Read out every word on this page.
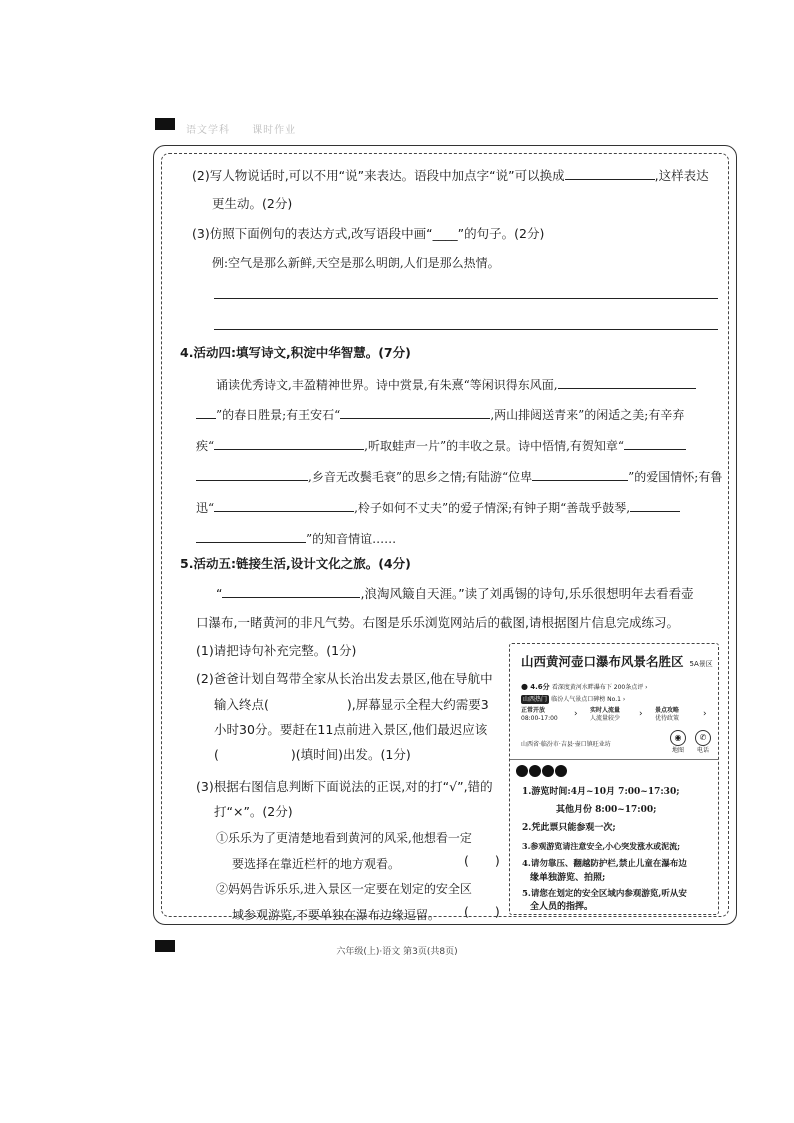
语文学科 课时作业
(2)写人物说话时,可以不用“说”来表达。语段中加点字“说”可以换成	,这样表达
更生动。(2分)
(3)仿照下面例句的表达方式,改写语段中画“____”的句子。(2分)
例:空气是那么新鲜,天空是那么明朗,人们是那么热情。
4.活动四:填写诗文,积淀中华智慧。(7分)
诵读优秀诗文,丰盈精神世界。诗中赏景,有朱熹“等闲识得东风面,
”的春日胜景;有王安石“	,两山排闼送青来”的闲适之美;有辛弃
疾“	,听取蛙声一片”的丰收之景。诗中悟情,有贺知章“
,乡音无改鬓毛衰”的思乡之情;有陆游“位卑	”的爱国情怀;有鲁
迅“	,柃子如何不丈夫”的爱子情深;有钟子期“善哉乎鼓琴,
”的知音情谊……
5.活动五:链接生活,设计文化之旅。(4分)
“	,浪淘风簸自天涯。”读了刘禹锡的诗句,乐乐很想明年去看看壶
口瀑布,一睹黄河的非凡气势。右图是乐乐浏览网站后的截图,请根据图片信息完成练习。
(1)请把诗句补充完整。(1分)
(2)爸爸计划自驾带全家从长治出发去景区,他在导航中
输入终点(	),屏幕显示全程大约需要3
小时30分。要赶在11点前进入景区,他们最迟应该
(	)(填时间)出发。(1分)
(3)根据右图信息判断下面说法的正误,对的打“√”,错的
打“×”。(2分)
①乐乐为了更清楚地看到黄河的风采,他想看一定
要选择在靠近栏杆的地方观看。	( )
②妈妈告诉乐乐,进入景区一定要在划定的安全区
域参观游览,不要单独在瀑布边缘逗留。 ( )
山西黄河壶口瀑布风景名胜区 5A景区
● 4.6分 看深度黄河水畔瀑布下 200条点评 ›
山西热门 临汾人气景点口碑榜 No.1 ›
正常开放
08:00-17:00 › 实时人流量
人流量较少 › 景点攻略
优待政策	›
山西省·临汾市·吉县·壶口镇旺业坊
◉
地图
✆
电话
1.游览时间:4月~10月 7:00~17:30;
其他月份 8:00~17:00;
2.凭此票只能参观一次;
3.参观游览请注意安全,小心突发涨水或泥流;
4.请勿靠压、翻越防护栏,禁止儿童在瀑布边
缘单独游览、拍照;
5.请您在划定的安全区域内参观游览,听从安
全人员的指挥。
六年级(上)·语文 第3页(共8页)
